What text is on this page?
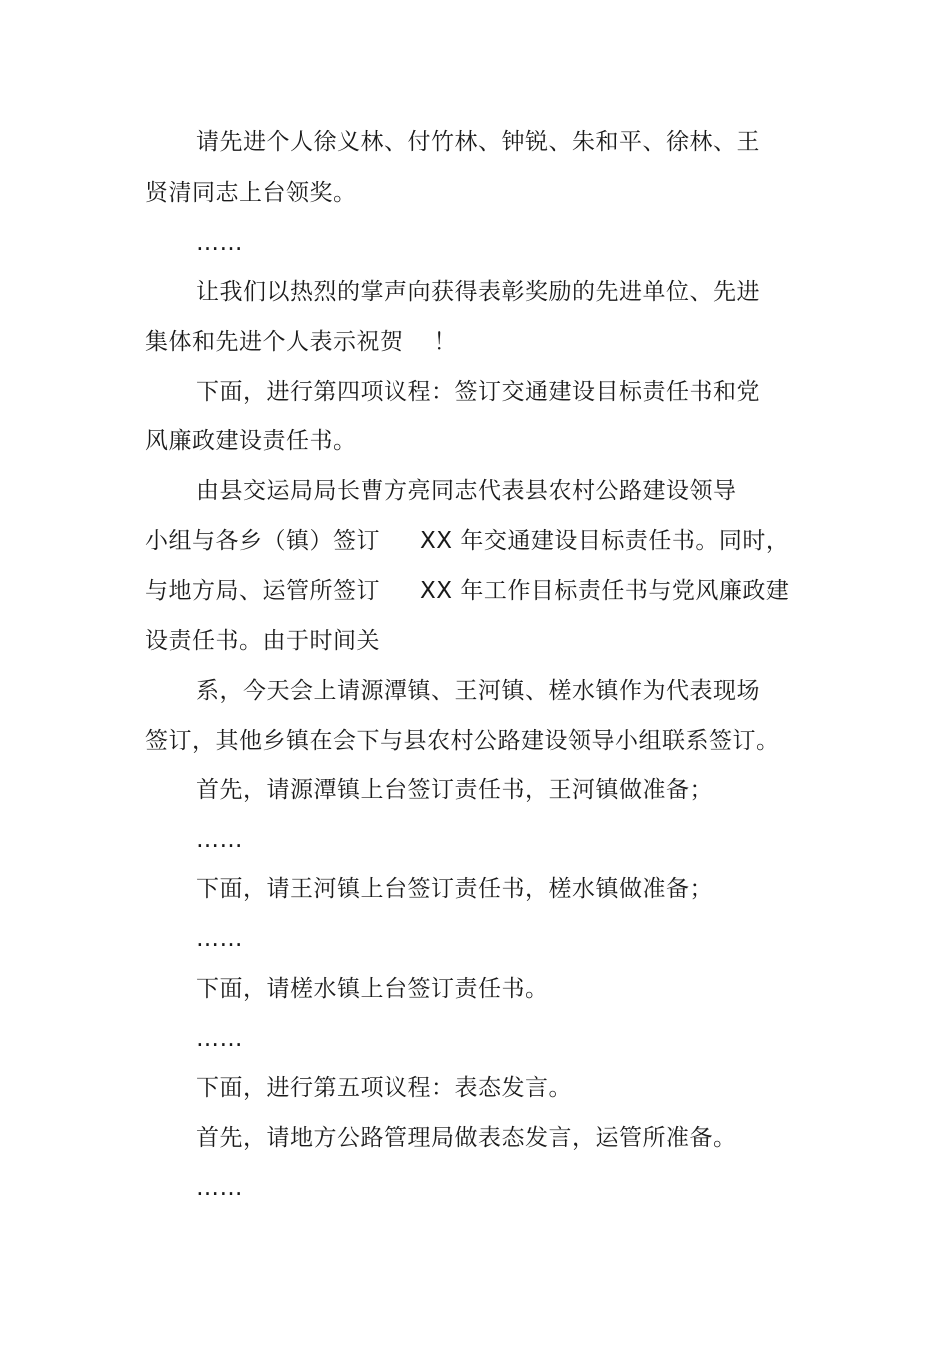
请先进个人徐义林、付竹林、钟锐、朱和平、徐林、王
贤清同志上台领奖。
……
让我们以热烈的掌声向获得表彰奖励的先进单位、先进
集体和先进个人表示祝贺 ！
下面，进行第四项议程：签订交通建设目标责任书和党
风廉政建设责任书。
由县交运局局长曹方亮同志代表县农村公路建设领导
小组与各乡（镇）签订 XX 年交通建设目标责任书。同时，
与地方局、运管所签订 XX 年工作目标责任书与党风廉政建
设责任书。由于时间关
系，今天会上请源潭镇、王河镇、槎水镇作为代表现场
签订，其他乡镇在会下与县农村公路建设领导小组联系签订。
首先，请源潭镇上台签订责任书，王河镇做准备；
……
下面，请王河镇上台签订责任书，槎水镇做准备；
……
下面，请槎水镇上台签订责任书。
……
下面，进行第五项议程：表态发言。
首先，请地方公路管理局做表态发言，运管所准备。
……
